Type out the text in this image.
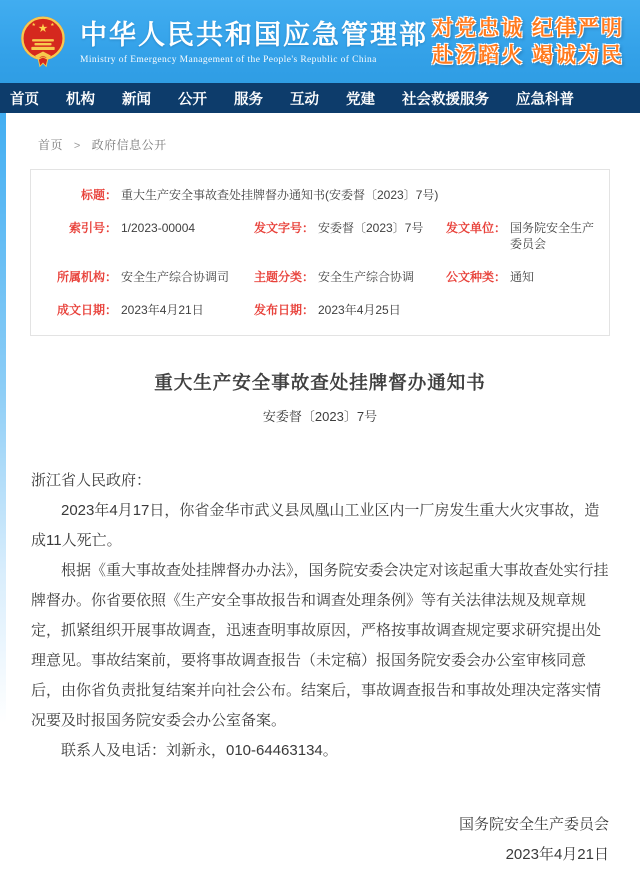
★
★ ★ 中华人民共和国应急管理部
Ministry of Emergency Management of the People's Republic of China
对党忠诚 纪律严明
赴汤蹈火 竭诚为民
首页 机构 新闻 公开 服务 互动 党建 社会救援服务 应急科普
首页 > 政府信息公开
标题： 重大生产安全事故查处挂牌督办通知书(安委督〔2023〕7号)
索引号： 1/2023-00004	发文字号： 安委督〔2023〕7号	发文单位： 国务院安全生产委员会
所属机构： 安全生产综合协调司	主题分类： 安全生产综合协调	公文种类： 通知
成文日期： 2023年4月21日	发布日期： 2023年4月25日
重大生产安全事故查处挂牌督办通知书
安委督〔2023〕7号

浙江省人民政府：

2023年4月17日，你省金华市武义县凤凰山工业区内一厂房发生重大火灾事故，造成11人死亡。

根据《重大事故查处挂牌督办办法》，国务院安委会决定对该起重大事故查处实行挂牌督办。你省要依照《生产安全事故报告和调查处理条例》等有关法律法规及规章规定，抓紧组织开展事故调查，迅速查明事故原因，严格按事故调查规定要求研究提出处理意见。事故结案前，要将事故调查报告（未定稿）报国务院安委会办公室审核同意后，由你省负责批复结案并向社会公布。结案后，事故调查报告和事故处理决定落实情况要及时报国务院安委会办公室备案。

联系人及电话：刘新永，010-64463134。

国务院安全生产委员会
2023年4月21日
